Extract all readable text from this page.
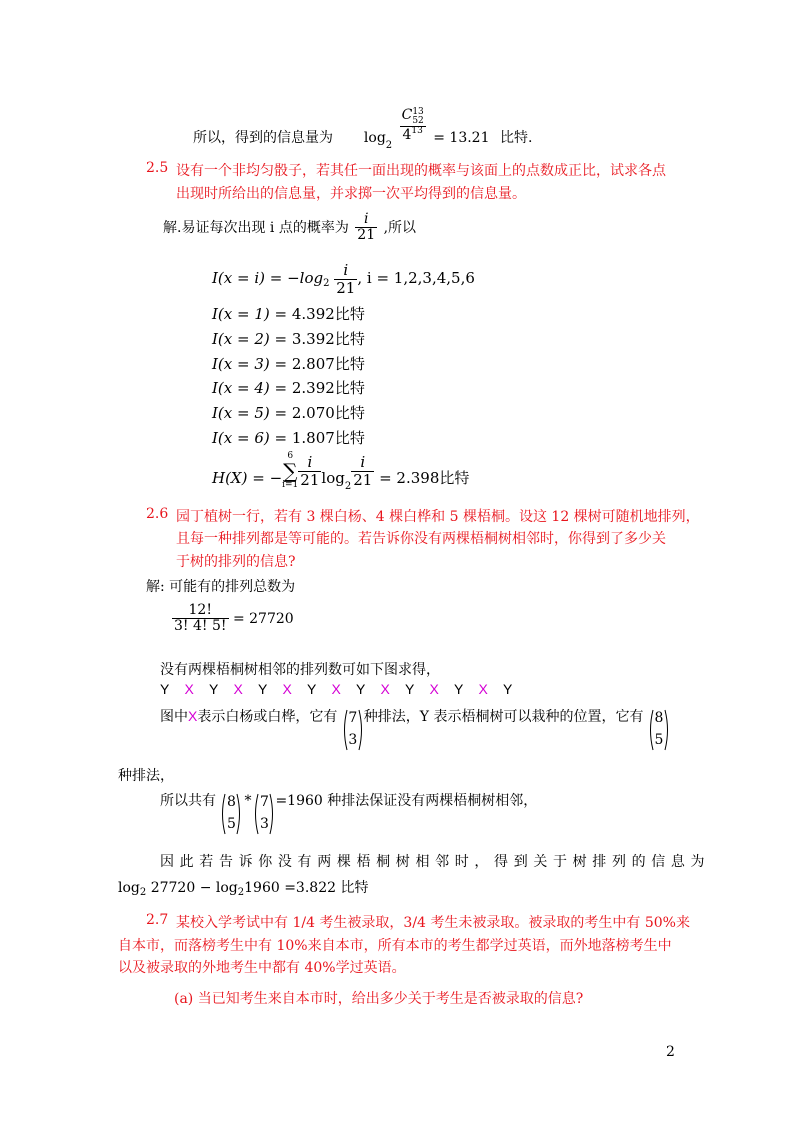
所以，得到的信息量为 $\log_2$
C 13
52
$4^{13} = 13.21$ 比特.
2.5 设有一个非均匀骰子，若其任一面出现的概率与该面上的点数成正比，试求各点
出现时所给出的信息量，并求掷一次平均得到的信息量。
解.易证每次出现 i 点的概率为 $\frac{i}{21}$ ,所以
$I(x = i) = -\log_2 \frac{i}{21}$ , i = 1,2,3,4,5,6
I(x = 1) = 4.392比特
I(x = 2) = 3.392比特
I(x = 3) = 2.807比特
I(x = 4) = 2.392比特
I(x = 5) = 2.070比特
I(x = 6) = 1.807比特
H(X) = −
6
∑
$i=1 \frac{i}{21} \log_2 \frac{i}{21} = 2.398$比特
2.6 园丁植树一行，若有 3 棵白杨、4 棵白桦和 5 棵梧桐。设这 12 棵树可随机地排列，
且每一种排列都是等可能的。若告诉你没有两棵梧桐树相邻时，你得到了多少关
于树的排列的信息?
解: 可能有的排列总数为
$\frac{12!}{3! 4! 5!} = 27720$
没有两棵梧桐树相邻的排列数可如下图求得，
Y X Y X Y X Y X Y X Y X Y X Y
图中X表示白杨或白桦，它有 7
3
种排法，Y 表示梧桐树可以栽种的位置，它有 8
5
种排法，
所以共有 8
5
* 7
3
=1960 种排法保证没有两棵梧桐树相邻，
因 此 若 告 诉 你 没 有 两 棵 梧 桐 树 相 邻 时 ， 得 到 关 于 树 排 列 的 信 息 为
$\log_2 27720 - \log_21960 =3.822$ 比特
2.7 某校入学考试中有 1/4 考生被录取，3/4 考生未被录取。被录取的考生中有 50%来
自本市，而落榜考生中有 10%来自本市，所有本市的考生都学过英语，而外地落榜考生中
以及被录取的外地考生中都有 40%学过英语。
(a) 当已知考生来自本市时，给出多少关于考生是否被录取的信息?
2
